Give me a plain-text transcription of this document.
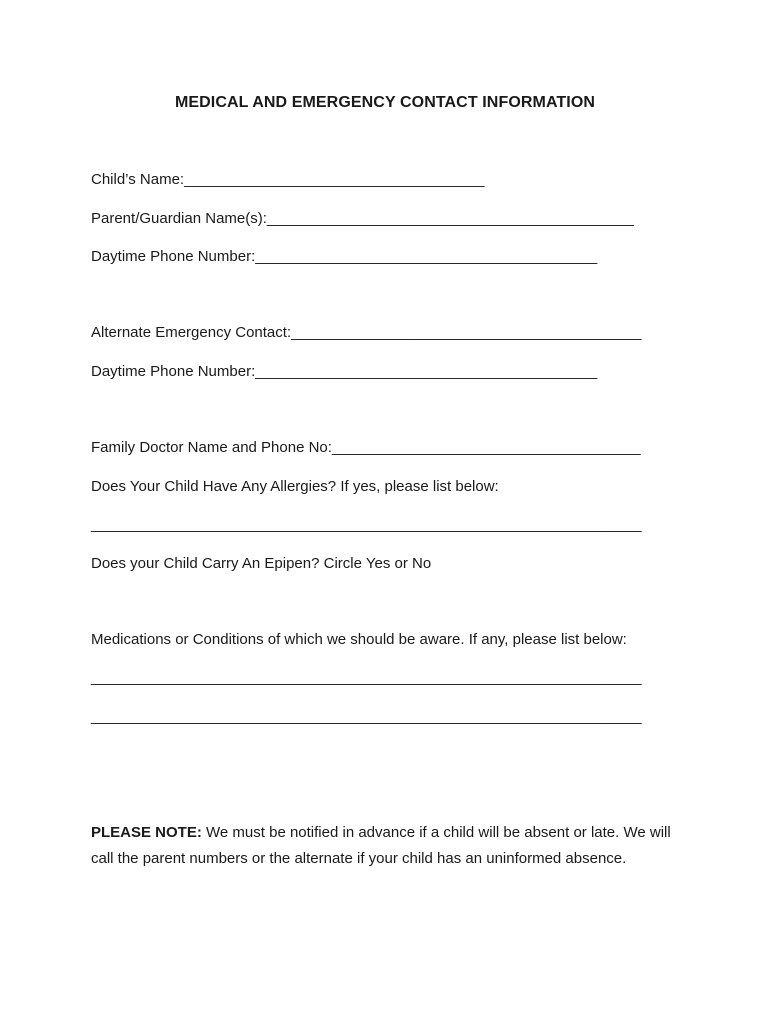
MEDICAL AND EMERGENCY CONTACT INFORMATION
Child’s Name:____________________________________
Parent/Guardian Name(s):____________________________________________
Daytime Phone Number:_________________________________________
Alternate Emergency Contact:__________________________________________
Daytime Phone Number:_________________________________________
Family Doctor Name and Phone No:_____________________________________
Does Your Child Have Any Allergies? If yes, please list below:
__________________________________________________________________
Does your Child Carry An Epipen? Circle Yes or No
Medications or Conditions of which we should be aware. If any, please list below:
__________________________________________________________________
__________________________________________________________________
PLEASE NOTE: We must be notified in advance if a child will be absent or late. We will call the parent numbers or the alternate if your child has an uninformed absence.
